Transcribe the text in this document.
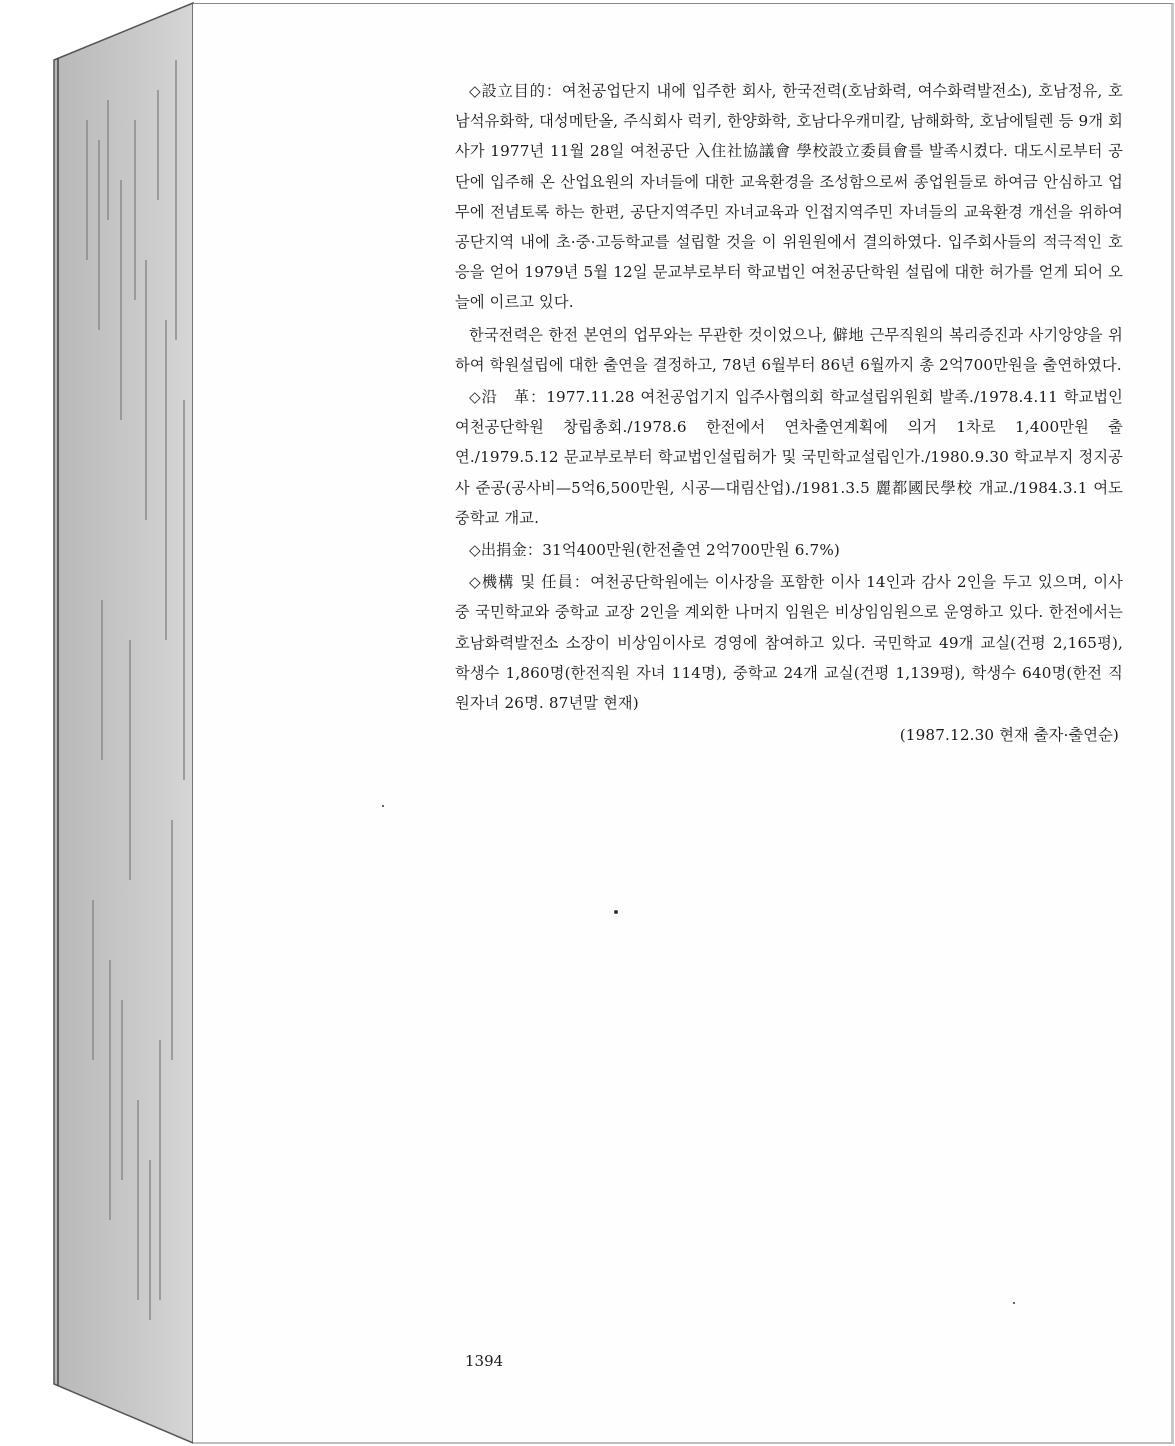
◇設立目的：여천공업단지 내에 입주한 회사, 한국전력(호남화력, 여수화력발전소), 호남정유, 호남석유화학, 대성메탄올, 주식회사 럭키, 한양화학, 호남다우캐미칼, 남해화학, 호남에틸렌 등 9개 회사가 1977년 11월 28일 여천공단 入住社協議會 學校設立委員會를 발족시켰다. 대도시로부터 공단에 입주해 온 산업요원의 자녀들에 대한 교육환경을 조성함으로써 종업원들로 하여금 안심하고 업무에 전념토록 하는 한편, 공단지역주민 자녀교육과 인접지역주민 자녀들의 교육환경 개선을 위하여 공단지역 내에 초·중·고등학교를 설립할 것을 이 위원원에서 결의하였다. 입주회사들의 적극적인 호응을 얻어 1979년 5월 12일 문교부로부터 학교법인 여천공단학원 설립에 대한 허가를 얻게 되어 오늘에 이르고 있다.

한국전력은 한전 본연의 업무와는 무관한 것이었으나, 僻地 근무직원의 복리증진과 사기앙양을 위하여 학원설립에 대한 출연을 결정하고, 78년 6월부터 86년 6월까지 총 2억700만원을 출연하였다.

◇沿　革：1977.11.28 여천공업기지 입주사협의회 학교설립위원회 발족./1978.4.11 학교법인 여천공단학원 창립총회./1978.6 한전에서 연차출연계획에 의거 1차로 1,400만원 출연./1979.5.12 문교부로부터 학교법인설립허가 및 국민학교설립인가./1980.9.30 학교부지 정지공사 준공(공사비—5억6,500만원, 시공—대림산업)./1981.3.5 麗都國民學校 개교./1984.3.1 여도중학교 개교.

◇出捐金：31억400만원(한전출연 2억700만원 6.7%)

◇機構 및 任員：여천공단학원에는 이사장을 포함한 이사 14인과 감사 2인을 두고 있으며, 이사 중 국민학교와 중학교 교장 2인을 계외한 나머지 임원은 비상임임원으로 운영하고 있다. 한전에서는 호남화력발전소 소장이 비상임이사로 경영에 참여하고 있다. 국민학교 49개 교실(건평 2,165평), 학생수 1,860명(한전직원 자녀 114명), 중학교 24개 교실(건평 1,139평), 학생수 640명(한전 직원자녀 26명. 87년말 현재)

(1987.12.30 현재 출자·출연순)

1394
